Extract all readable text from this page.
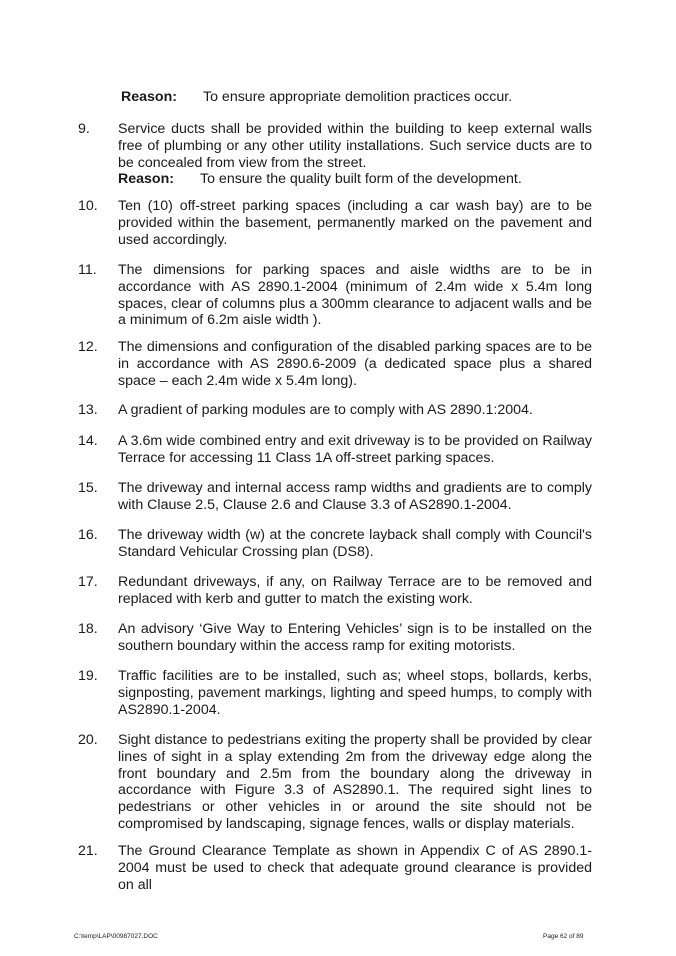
Reason: To ensure appropriate demolition practices occur.
9.	Service ducts shall be provided within the building to keep external walls free of plumbing or any other utility installations. Such service ducts are to be concealed from view from the street.
Reason: To ensure the quality built form of the development.
10.	Ten (10) off-street parking spaces (including a car wash bay) are to be provided within the basement, permanently marked on the pavement and used accordingly.
11.	The dimensions for parking spaces and aisle widths are to be in accordance with AS 2890.1-2004 (minimum of 2.4m wide x 5.4m long spaces, clear of columns plus a 300mm clearance to adjacent walls and be a minimum of 6.2m aisle width ).
12.	The dimensions and configuration of the disabled parking spaces are to be in accordance with AS 2890.6-2009 (a dedicated space plus a shared space – each 2.4m wide x 5.4m long).
13.	A gradient of parking modules are to comply with AS 2890.1:2004.
14.	A 3.6m wide combined entry and exit driveway is to be provided on Railway Terrace for accessing 11 Class 1A off-street parking spaces.
15.	The driveway and internal access ramp widths and gradients are to comply with Clause 2.5, Clause 2.6 and Clause 3.3 of AS2890.1-2004.
16.	The driveway width (w) at the concrete layback shall comply with Council's Standard Vehicular Crossing plan (DS8).
17.	Redundant driveways, if any, on Railway Terrace are to be removed and replaced with kerb and gutter to match the existing work.
18.	An advisory ‘Give Way to Entering Vehicles’ sign is to be installed on the southern boundary within the access ramp for exiting motorists.
19.	Traffic facilities are to be installed, such as; wheel stops, bollards, kerbs, signposting, pavement markings, lighting and speed humps, to comply with AS2890.1-2004.
20.	Sight distance to pedestrians exiting the property shall be provided by clear lines of sight in a splay extending 2m from the driveway edge along the front boundary and 2.5m from the boundary along the driveway in accordance with Figure 3.3 of AS2890.1. The required sight lines to pedestrians or other vehicles in or around the site should not be compromised by landscaping, signage fences, walls or display materials.
21.	The Ground Clearance Template as shown in Appendix C of AS 2890.1-2004 must be used to check that adequate ground clearance is provided on all
C:\temp\LAP\00987027.DOC	Page 62 of 89
